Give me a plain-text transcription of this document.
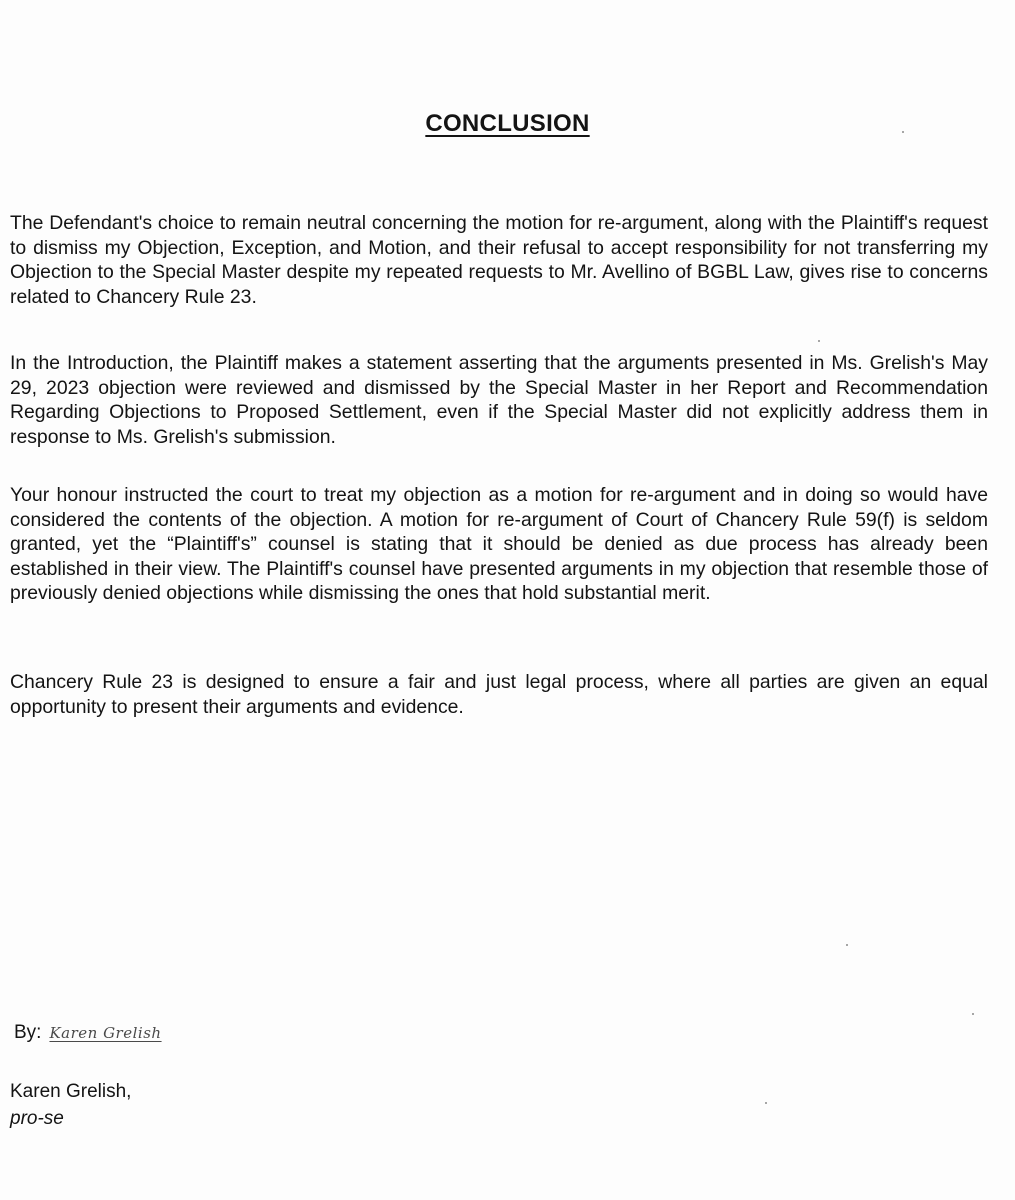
CONCLUSION

The Defendant's choice to remain neutral concerning the motion for re-argument, along with the Plaintiff's request to dismiss my Objection, Exception, and Motion, and their refusal to accept responsibility for not transferring my Objection to the Special Master despite my repeated requests to Mr. Avellino of BGBL Law, gives rise to concerns related to Chancery Rule 23.

In the Introduction, the Plaintiff makes a statement asserting that the arguments presented in Ms. Grelish's May 29, 2023 objection were reviewed and dismissed by the Special Master in her Report and Recommendation Regarding Objections to Proposed Settlement, even if the Special Master did not explicitly address them in response to Ms. Grelish's submission.

Your honour instructed the court to treat my objection as a motion for re-argument and in doing so would have considered the contents of the objection. A motion for re-argument of Court of Chancery Rule 59(f) is seldom granted, yet the “Plaintiff's” counsel is stating that it should be denied as due process has already been established in their view. The Plaintiff's counsel have presented arguments in my objection that resemble those of previously denied objections while dismissing the ones that hold substantial merit.

Chancery Rule 23 is designed to ensure a fair and just legal process, where all parties are given an equal opportunity to present their arguments and evidence.

By: Karen Grelish
Karen Grelish,
pro-se
